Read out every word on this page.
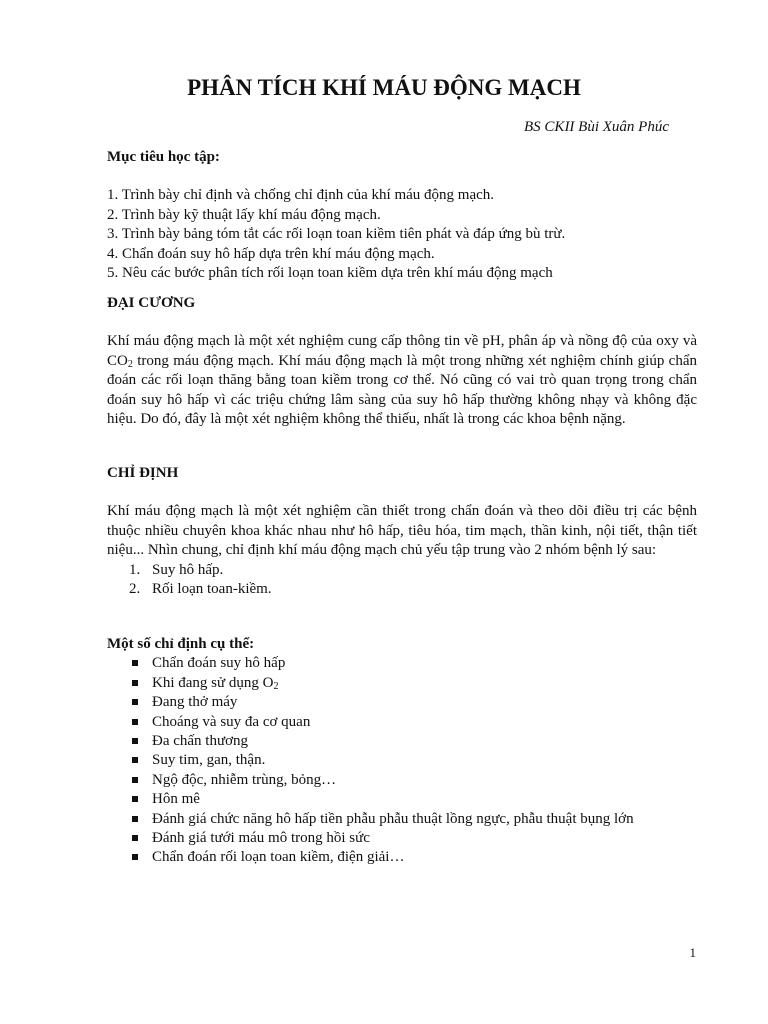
PHÂN TÍCH KHÍ MÁU ĐỘNG MẠCH

BS CKII Bùi Xuân Phúc

Mục tiêu học tập:

1. Trình bày chỉ định và chống chỉ định của khí máu động mạch.

2. Trình bày kỹ thuật lấy khí máu động mạch.

3. Trình bày bảng tóm tắt các rối loạn toan kiềm tiên phát và đáp ứng bù trừ.

4. Chẩn đoán suy hô hấp dựa trên khí máu động mạch.

5. Nêu các bước phân tích rối loạn toan kiềm dựa trên khí máu động mạch

ĐẠI CƯƠNG

Khí máu động mạch là một xét nghiệm cung cấp thông tin về pH, phân áp và nồng độ của oxy và $CO_2$ trong máu động mạch. Khí máu động mạch là một trong những xét nghiệm chính giúp chẩn đoán các rối loạn thăng bằng toan kiềm trong cơ thể. Nó cũng có vai trò quan trọng trong chẩn đoán suy hô hấp vì các triệu chứng lâm sàng của suy hô hấp thường không nhạy và không đặc hiệu. Do đó, đây là một xét nghiệm không thể thiếu, nhất là trong các khoa bệnh nặng.

CHỈ ĐỊNH

Khí máu động mạch là một xét nghiệm cần thiết trong chẩn đoán và theo dõi điều trị các bệnh thuộc nhiều chuyên khoa khác nhau như hô hấp, tiêu hóa, tim mạch, thần kinh, nội tiết, thận tiết niệu... Nhìn chung, chỉ định khí máu động mạch chủ yếu tập trung vào 2 nhóm bệnh lý sau:

1. Suy hô hấp.
2. Rối loạn toan-kiềm.

Một số chỉ định cụ thể:

Chẩn đoán suy hô hấp
Khi đang sử dụng $O_2$
Đang thở máy
Choáng và suy đa cơ quan
Đa chấn thương
Suy tim, gan, thận.
Ngộ độc, nhiễm trùng, bỏng…
Hôn mê
Đánh giá chức năng hô hấp tiền phẫu phẫu thuật lồng ngực, phẫu thuật bụng lớn
Đánh giá tưới máu mô trong hồi sức
Chẩn đoán rối loạn toan kiềm, điện giải…

1
